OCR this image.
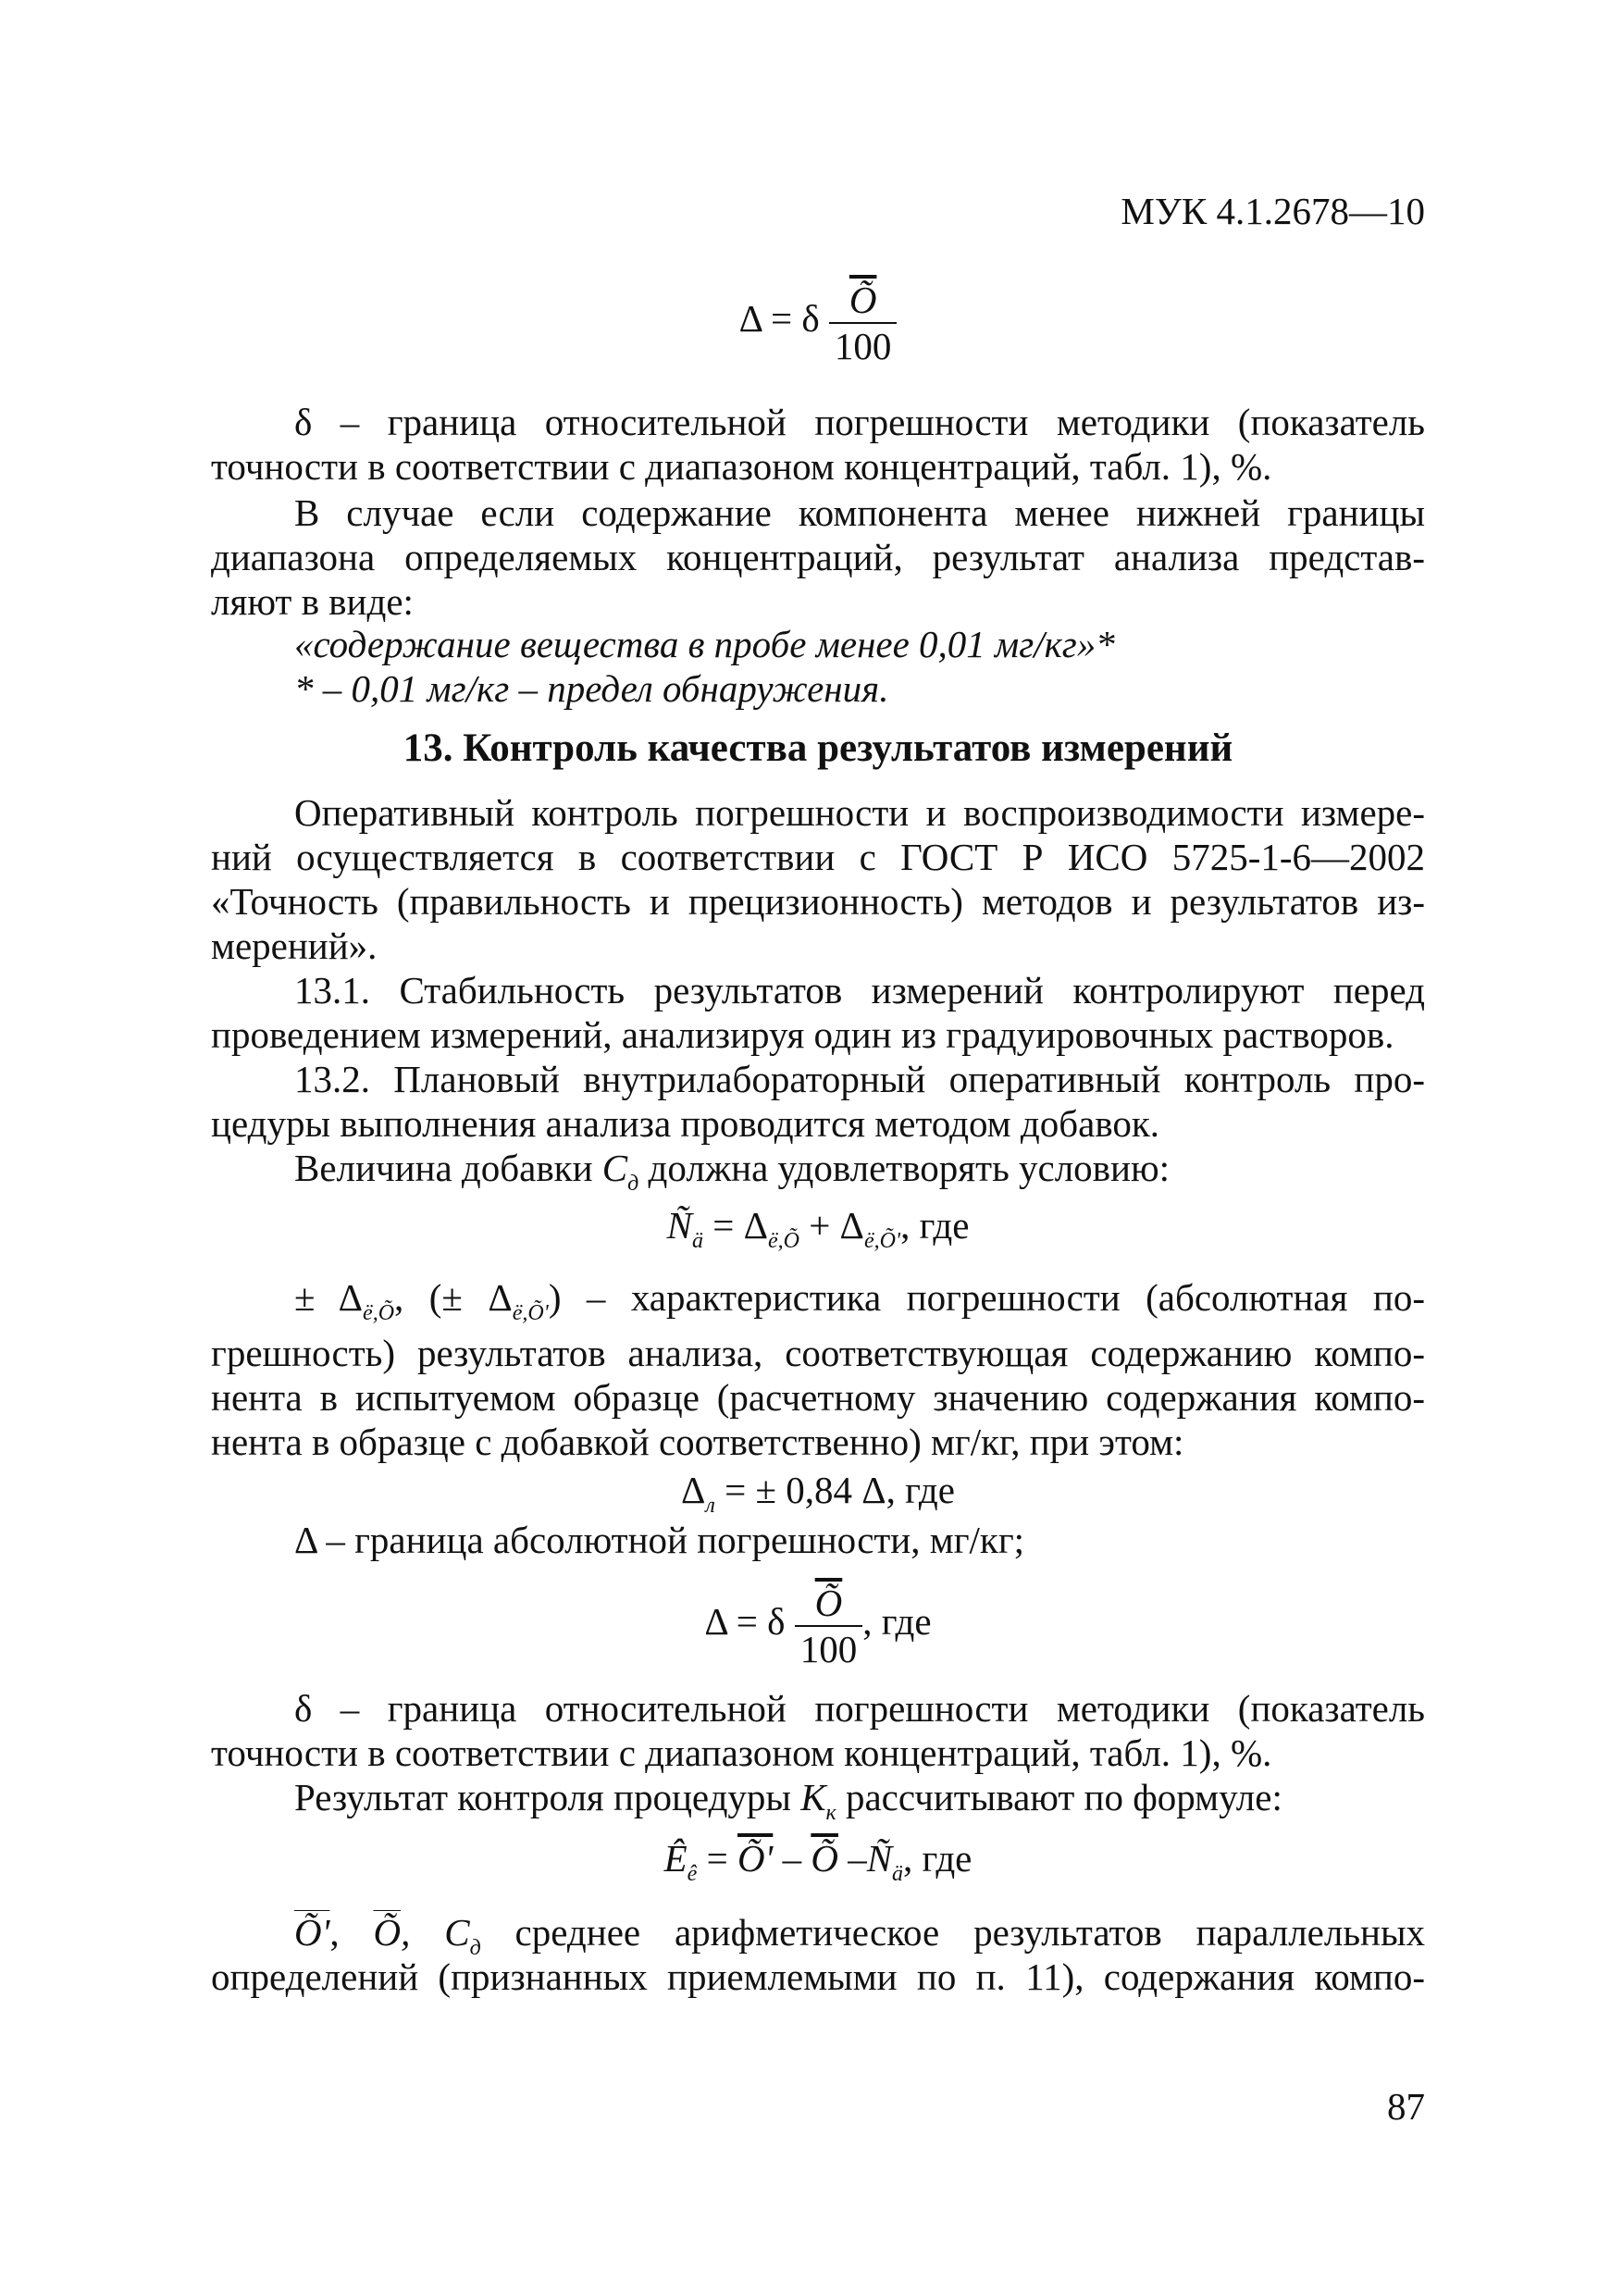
МУК 4.1.2678—10
Δ = δ $\frac{\overline{Õ}}{100}$
δ – граница относительной погрешности методики (показатель
точности в соответствии с диапазоном концентраций, табл. 1), %.
В случае если содержание компонента менее нижней границы
диапазона определяемых концентраций, результат анализа представ-
ляют в виде:
«содержание вещества в пробе менее 0,01 мг/кг»*
* – 0,01 мг/кг – предел обнаружения.
13. Контроль качества результатов измерений
Оперативный контроль погрешности и воспроизводимости измере-
ний осуществляется в соответствии с ГОСТ Р ИСО 5725-1-6—2002
«Точность (правильность и прецизионность) методов и результатов из-
мерений».
13.1. Стабильность результатов измерений контролируют перед
проведением измерений, анализируя один из градуировочных растворов.
13.2. Плановый внутрилабораторный оперативный контроль про-
цедуры выполнения анализа проводится методом добавок.
Величина добавки $C_д$ должна удовлетворять условию:
$Ñ_ä = \Delta_{ë,Õ} + \Delta_{ë,Õ'}$, где
± $\Delta_{ë,Õ}$, (± $\Delta_{ë,Õ'}$) – характеристика погрешности (абсолютная по-
грешность) результатов анализа, соответствующая содержанию компо-
нента в испытуемом образце (расчетному значению содержания компо-
нента в образце с добавкой соответственно) мг/кг, при этом:
$\Delta_л$ = ± 0,84 Δ, где
Δ – граница абсолютной погрешности, мг/кг;
Δ = δ $\frac{\overline{Õ}}{100}$ , где
δ – граница относительной погрешности методики (показатель
точности в соответствии с диапазоном концентраций, табл. 1), %.
Результат контроля процедуры $К_к$ рассчитывают по формуле:
$Ê_ê$ = Õ' – $\overline{Õ}$ $-Ñ_ä$, где
Õ', $\overline{Õ}$, $C_д$ среднее арифметическое результатов параллельных
определений (признанных приемлемыми по п. 11), содержания компо-
87
